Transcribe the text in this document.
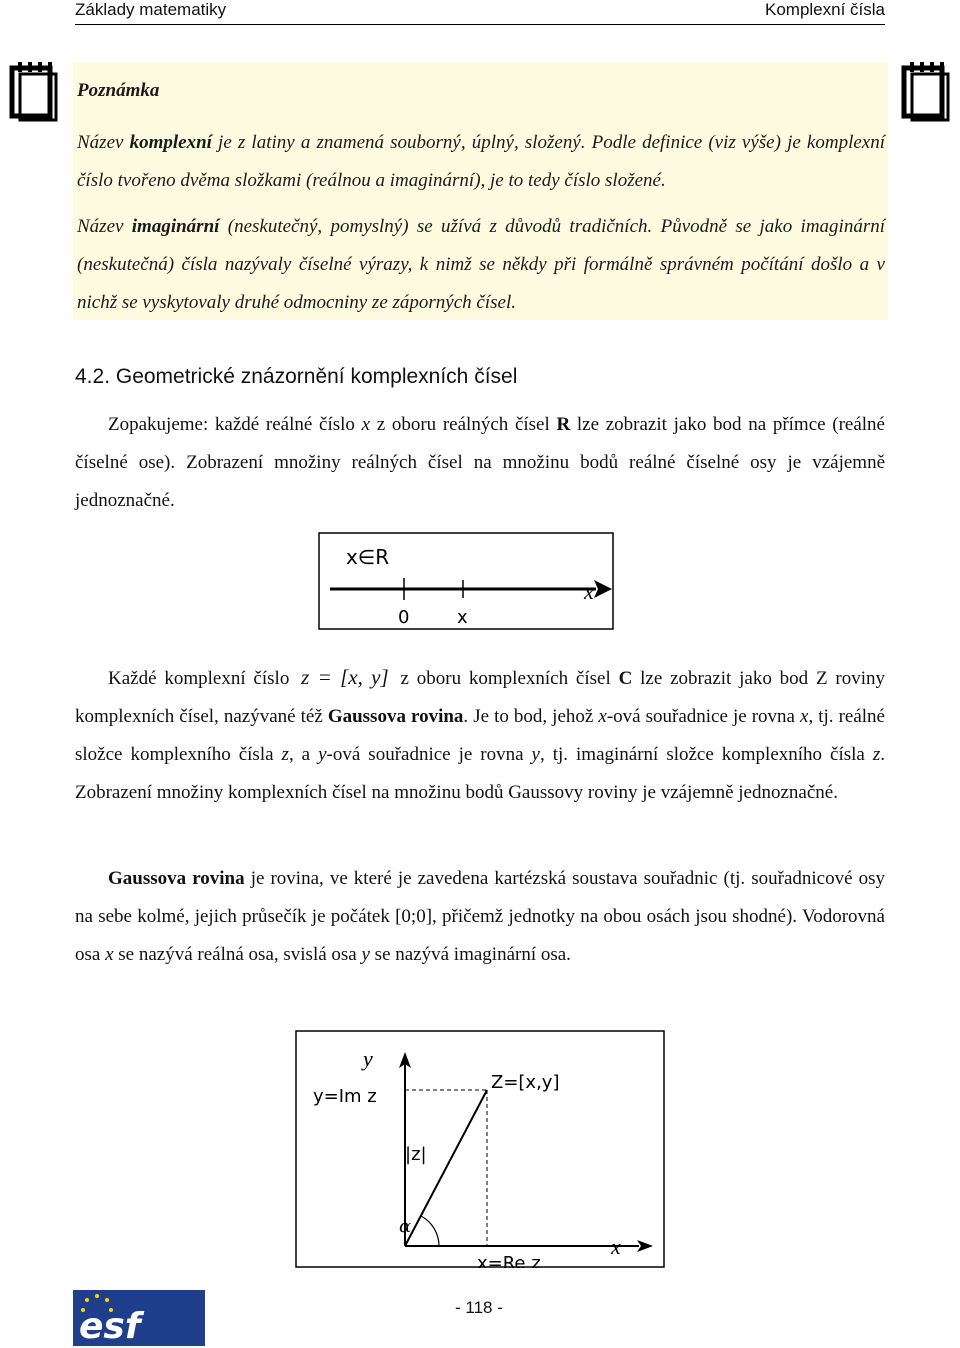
Základy matematiky	Komplexní čísla

Poznámka

Název komplexní je z latiny a znamená souborný, úplný, složený. Podle definice (viz výše) je komplexní číslo tvořeno dvěma složkami (reálnou a imaginární), je to tedy číslo složené.

Název imaginární (neskutečný, pomyslný) se užívá z důvodů tradičních. Původně se jako imaginární (neskutečná) čísla nazývaly číselné výrazy, k nimž se někdy při formálně správném počítání došlo a v nichž se vyskytovaly druhé odmocniny ze záporných čísel.

4.2. Geometrické znázornění komplexních čísel
Zopakujeme: každé reálné číslo x z oboru reálných čísel R lze zobrazit jako bod na přímce (reálné číselné ose). Zobrazení množiny reálných čísel na množinu bodů reálné číselné osy je vzájemně jednoznačné.
x∈R
0	x
x
Každé komplexní číslo z = [x, y] z oboru komplexních čísel C lze zobrazit jako bod Z roviny komplexních čísel, nazývané též Gaussova rovina. Je to bod, jehož x-ová souřadnice je rovna x, tj. reálné složce komplexního čísla z, a y-ová souřadnice je rovna y, tj. imaginární složce komplexního čísla z. Zobrazení množiny komplexních čísel na množinu bodů Gaussovy roviny je vzájemně jednoznačné.
Gaussova rovina je rovina, ve které je zavedena kartézská soustava souřadnic (tj. souřadnicové osy na sebe kolmé, jejich průsečík je počátek [0;0], přičemž jednotky na obou osách jsou shodné). Vodorovná osa x se nazývá reálná osa, svislá osa y se nazývá imaginární osa.
y
y=Im z
Z=[x,y]
|z|
α
x=Re z
x
esf	- 118 -
